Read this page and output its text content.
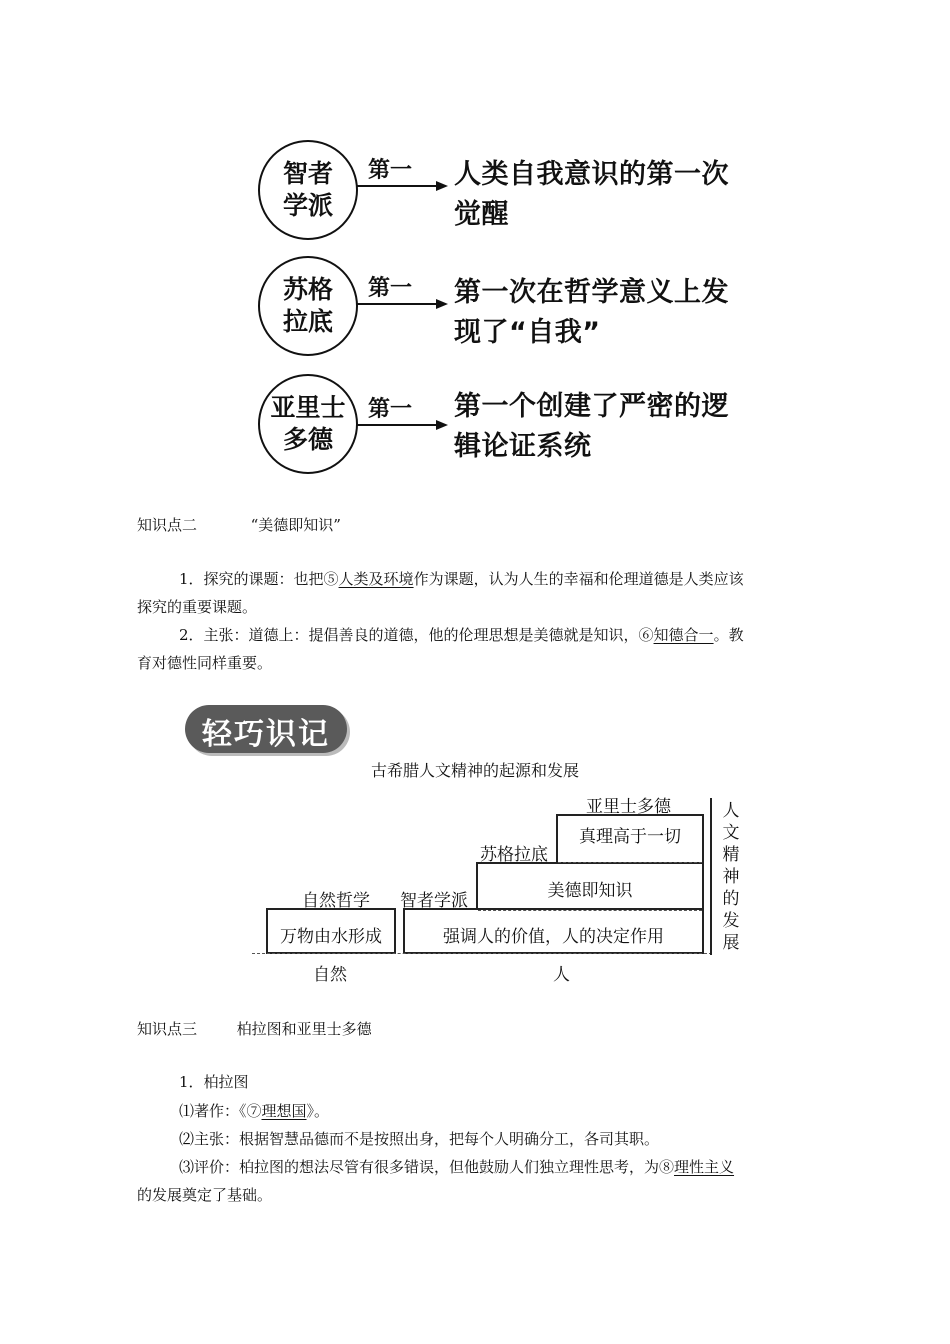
智者
学派
第一 人类自我意识的第一次
觉醒
苏格
拉底
第一 第一次在哲学意义上发
现了“自我”
亚里士
多德
第一 第一个创建了严密的逻
辑论证系统
知识点二	“美德即知识”
1．探究的课题：也把⑤人类及环境作为课题，认为人生的幸福和伦理道德是人类应该
探究的重要课题。
2．主张：道德上：提倡善良的道德，他的伦理思想是美德就是知识，⑥知德合一。教
育对德性同样重要。
轻巧识记
古希腊人文精神的起源和发展
亚里士多德
苏格拉底
自然哲学 智者学派
万物由水形成	强调人的价值，人的决定作用
美德即知识
真理高于一切
自然	人
人文精神的发展
知识点三	柏拉图和亚里士多德
1．柏拉图
⑴著作：《⑦理想国》。
⑵主张：根据智慧品德而不是按照出身，把每个人明确分工，各司其职。
⑶评价：柏拉图的想法尽管有很多错误，但他鼓励人们独立理性思考，为⑧理性主义
的发展奠定了基础。
